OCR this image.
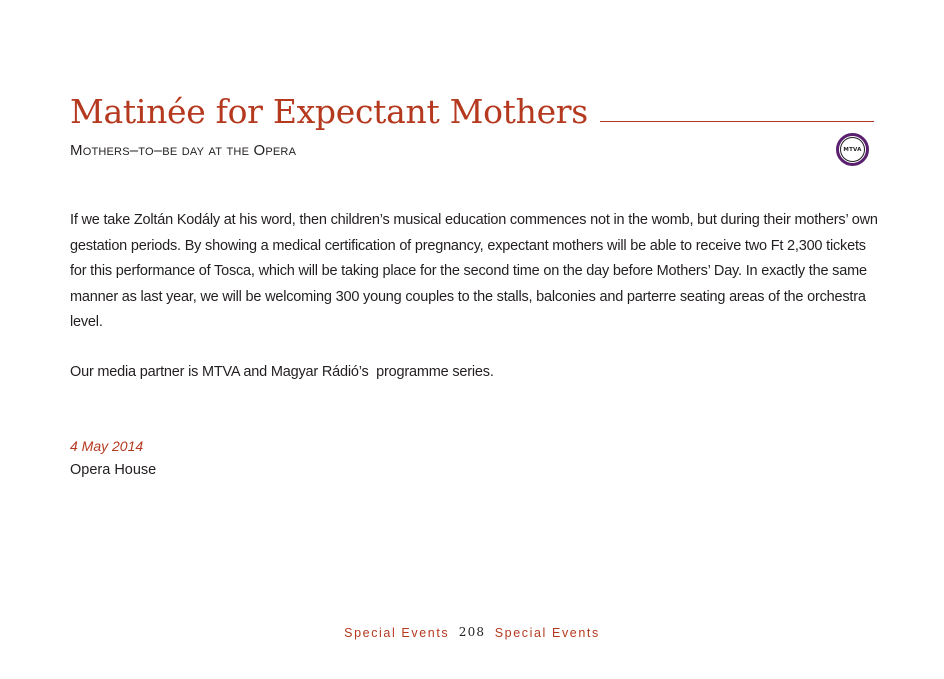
Matinée for Expectant Mothers
Mothers–to–be day at the Opera	MTVA

If we take Zoltán Kodály at his word, then children’s musical education commences not in the womb, but during their mothers’ own gestation periods. By showing a medical certification of pregnancy, expectant mothers will be able to receive two Ft 2,300 tickets for this performance of Tosca, which will be taking place for the second time on the day before Mothers’ Day. In exactly the same manner as last year, we will be welcoming 300 young couples to the stalls, balconies and parterre seating areas of the orchestra level.

Our media partner is MTVA and Magyar Rádió’s  programme series.

4 May 2014
Opera House
Special Events 208 Special Events
